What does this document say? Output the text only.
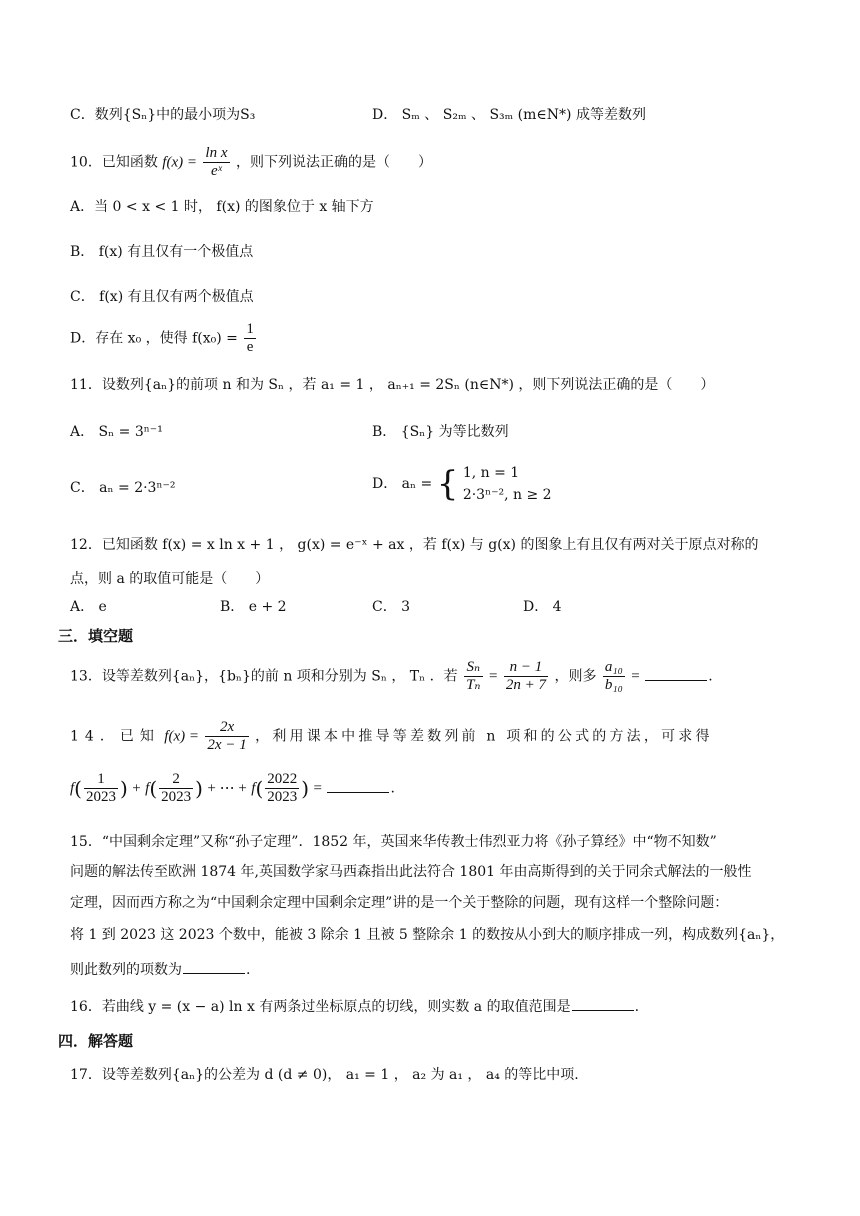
C．数列{Sₙ}中的最小项为S₃	D． Sₘ 、 S₂ₘ 、 S₃ₘ (m∈N*) 成等差数列
10．已知函数 $f(x) = \frac{\text{ln x}}{\text{eˣ}}$ ，则下列说法正确的是（　　）
A．当 0 < x < 1 时， f(x) 的图象位于 x 轴下方
B． f(x) 有且仅有一个极值点
C． f(x) 有且仅有两个极值点
D．存在 x₀ ，使得 $f(x_0) = \frac{1}{e}$
11．设数列{aₙ}的前项 n 和为 Sₙ ，若 a₁ = 1 ， aₙ₊₁ = 2Sₙ (n∈N*) ，则下列说法正确的是（　　）
A． Sₙ = 3ⁿ⁻¹	B． {Sₙ} 为等比数列
C． aₙ = 2·3ⁿ⁻²	D． aₙ = { 1, n = 1
2·3ⁿ⁻², n ≥ 2
12．已知函数 f(x) = x ln x + 1 ， g(x) = e⁻ˣ + ax ，若 f(x) 与 g(x) 的图象上有且仅有两对关于原点对称的
点，则 a 的取值可能是（　　）
A． e	B． e + 2	C． 3	D． 4
三．填空题
13．设等差数列{aₙ}，{bₙ}的前 n 项和分别为 Sₙ ， Tₙ ．若 $\frac{\text{Sₙ}}{\text{Tₙ}} = \frac{n - 1}{2n + 7}$ ，则多 $\frac{\text{a₁₀}}{\text{b₁₀}}$ =	.
14．已知 $f(x) = \frac{2x}{2x - 1}$ ，利用课本中推导等差数列前 n 项和的公式的方法，可求得
$f( \frac{1}{2023}$ ) + $f( \frac{2}{2023}$ ) + ⋯ + $f( \frac{2022}{2023}$ ) =	.
15．“中国剩余定理”又称“孙子定理”．1852 年，英国来华传教士伟烈亚力将《孙子算经》中“物不知数”
问题的解法传至欧洲 1874 年,英国数学家马西森指出此法符合 1801 年由高斯得到的关于同余式解法的一般性
定理，因而西方称之为“中国剩余定理中国剩余定理”讲的是一个关于整除的问题，现有这样一个整除问题：
将 1 到 2023 这 2023 个数中，能被 3 除余 1 且被 5 整除余 1 的数按从小到大的顺序排成一列，构成数列{aₙ}，
则此数列的项数为	.
16．若曲线 y = (x − a) ln x 有两条过坐标原点的切线，则实数 a 的取值范围是	.
四．解答题
17．设等差数列{aₙ}的公差为 d (d ≠ 0)， a₁ = 1 ， a₂ 为 a₁ ， a₄ 的等比中项.
